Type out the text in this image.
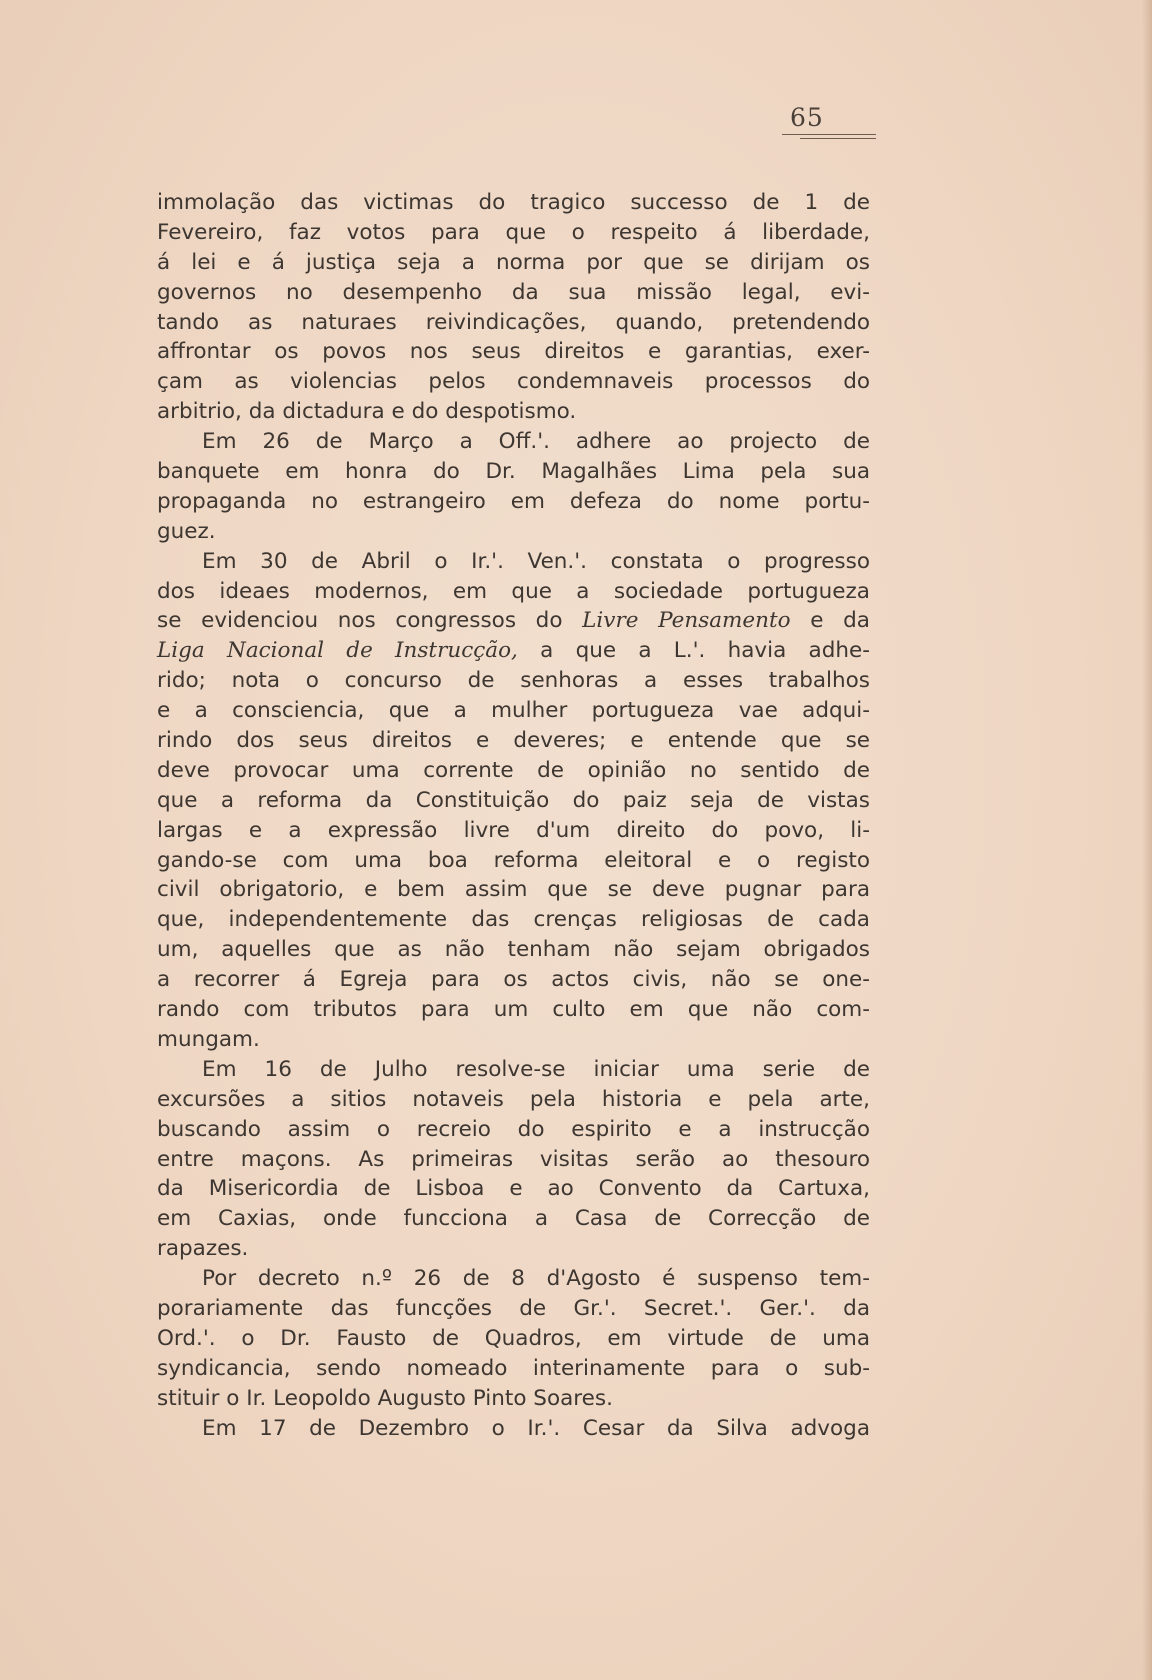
65
immolação das victimas do tragico successo de 1 de
Fevereiro, faz votos para que o respeito á liberdade,
á lei e á justiça seja a norma por que se dirijam os
governos no desempenho da sua missão legal, evi-
tando as naturaes reivindicações, quando, pretendendo
affrontar os povos nos seus direitos e garantias, exer-
çam as violencias pelos condemnaveis processos do
arbitrio, da dictadura e do despotismo.
Em 26 de Março a Off.'. adhere ao projecto de
banquete em honra do Dr. Magalhães Lima pela sua
propaganda no estrangeiro em defeza do nome portu-
guez.
Em 30 de Abril o Ir.'. Ven.'. constata o progresso
dos ideaes modernos, em que a sociedade portugueza
se evidenciou nos congressos do Livre Pensamento e da
Liga Nacional de Instrucção, a que a L.'. havia adhe-
rido; nota o concurso de senhoras a esses trabalhos
e a consciencia, que a mulher portugueza vae adqui-
rindo dos seus direitos e deveres; e entende que se
deve provocar uma corrente de opinião no sentido de
que a reforma da Constituição do paiz seja de vistas
largas e a expressão livre d'um direito do povo, li-
gando-se com uma boa reforma eleitoral e o registo
civil obrigatorio, e bem assim que se deve pugnar para
que, independentemente das crenças religiosas de cada
um, aquelles que as não tenham não sejam obrigados
a recorrer á Egreja para os actos civis, não se one-
rando com tributos para um culto em que não com-
mungam.
Em 16 de Julho resolve-se iniciar uma serie de
excursões a sitios notaveis pela historia e pela arte,
buscando assim o recreio do espirito e a instrucção
entre maçons. As primeiras visitas serão ao thesouro
da Misericordia de Lisboa e ao Convento da Cartuxa,
em Caxias, onde funcciona a Casa de Correcção de
rapazes.
Por decreto n.º 26 de 8 d'Agosto é suspenso tem-
porariamente das funcções de Gr.'. Secret.'. Ger.'. da
Ord.'. o Dr. Fausto de Quadros, em virtude de uma
syndicancia, sendo nomeado interinamente para o sub-
stituir o Ir. Leopoldo Augusto Pinto Soares.
Em 17 de Dezembro o Ir.'. Cesar da Silva advoga
